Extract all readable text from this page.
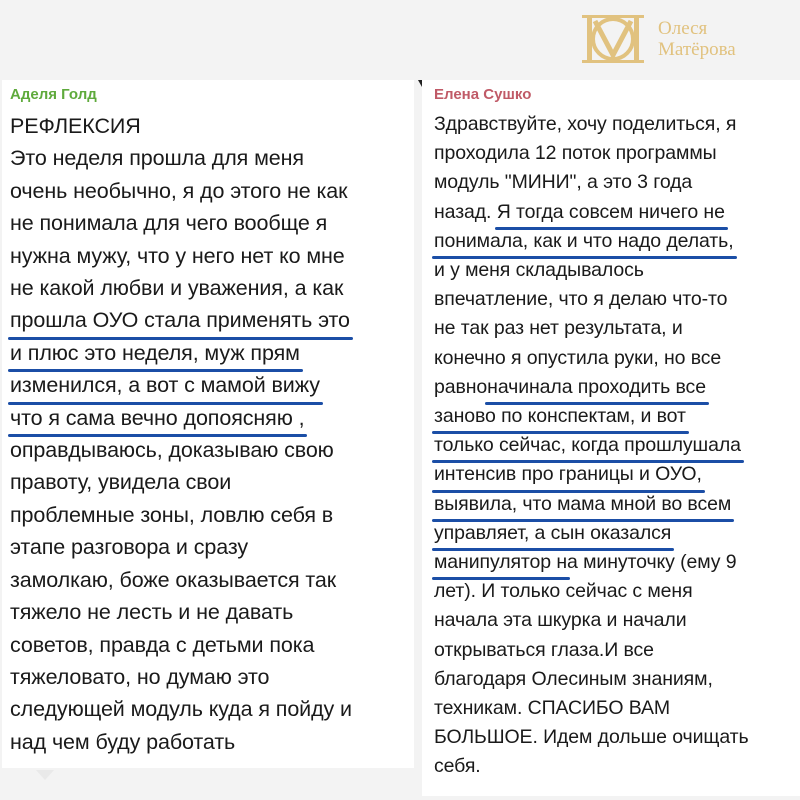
Олеся
Матёрова
Аделя Голд
РЕФЛЕКСИЯ
Это неделя прошла для меня
очень необычно, я до этого не как
не понимала для чего вообще я
нужна мужу, что у него нет ко мне
не какой любви и уважения, а как
прошла ОУО стала применять это
и плюс это неделя, муж прям
изменился, а вот с мамой вижу
что я сама вечно допоясняю ,
оправдываюсь, доказываю свою
правоту, увидела свои
проблемные зоны, ловлю себя в
этапе разговора и сразу
замолкаю, боже оказывается так
тяжело не лесть и не давать
советов, правда с детьми пока
тяжеловато, но думаю это
следующей модуль куда я пойду и
над чем буду работать
Елена Сушко
Здравствуйте, хочу поделиться, я
проходила 12 поток программы
модуль "МИНИ", а это 3 года
назад. Я тогда совсем ничего не
понимала, как и что надо делать,
и у меня складывалось
впечатление, что я делаю что-то
не так раз нет результата, и
конечно я опустила руки, но все
равноначинала проходить все
заново по конспектам, и вот
только сейчас, когда прошлушала
интенсив про границы и ОУО,
выявила, что мама мной во всем
управляет, а сын оказался
манипулятор на минуточку (ему 9
лет). И только сейчас с меня
начала эта шкурка и начали
открываться глаза.И все
благодаря Олесиным знаниям,
техникам. СПАСИБО ВАМ
БОЛЬШОЕ. Идем дольше очищать
себя.
